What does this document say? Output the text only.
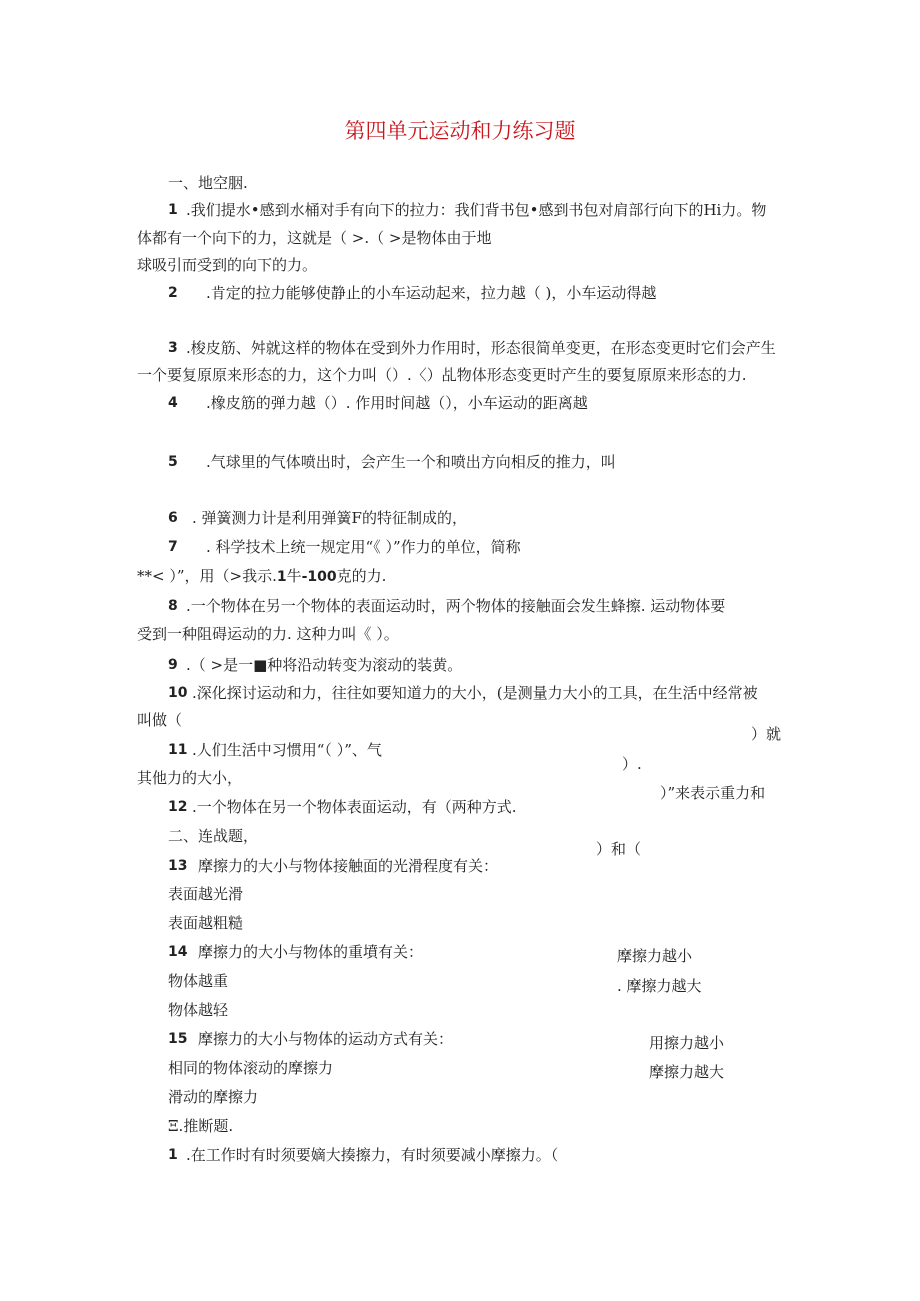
第四单元运动和力练习题
一、地空胭.
1 .我们提水•感到水桶对手有向下的拉力：我们背书包•感到书包对肩部行向下的Hi力。物
体都有一个向下的力，这就是（ >.（ >是物体由于地
球吸引而受到的向下的力。
2 .肯定的拉力能够使静止的小车运动起来，拉力越（ )，小车运动得越
3 .梭皮筋、舛就这样的物体在受到外力作用时，形态很简单变更，在形态变更时它们会产生
一个要复原原来形态的力，这个力叫（）.〈）乩物体形态变更时产生的要复原原来形态的力.
4 .橡皮筋的弹力越（）. 作用时间越（），小车运动的距离越
5 .气球里的气体喷出时，会产生一个和喷出方向相反的推力，叫
6 . 弹簧测力计是利用弹簧F的特征制成的，
7 . 科学技术上统一规定用“《 ）”作力的单位，简称
**< ）”，用（>我示.1牛-100克的力.
8 .一个物体在另一个物体的表面运动时，两个物体的接触面会发生蜂擦. 运动物体要
受到一种阻碍运动的力. 这种力叫《 ）。
9 .（ >是一■种将沿动转变为滚动的装黄。
10 .深化探讨运动和力，往往如要知道力的大小，(是测量力大小的工具，在生活中经常被
叫做（
）就
11 .人们生活中习惯用“（ ）”、气
其他力的大小，
）.
12 .一个物体在另一个物体表面运动，有（两种方式.
）”来表示重力和
二、连战题，
）和（
13 摩擦力的大小与物体接触面的光滑程度有关：
表面越光滑
表面越粗糙
14 摩擦力的大小与物体的重墳有关：
物体越重
物体越轻
摩擦力越小
. 摩擦力越大
15 摩擦力的大小与物体的运动方式有关：
相同的物体滚动的摩擦力
滑动的摩擦力
用擦力越小
摩擦力越大
Ξ.推断题.
1 .在工作时有时须要嫡大揍擦力，有时须要减小摩擦力。（
